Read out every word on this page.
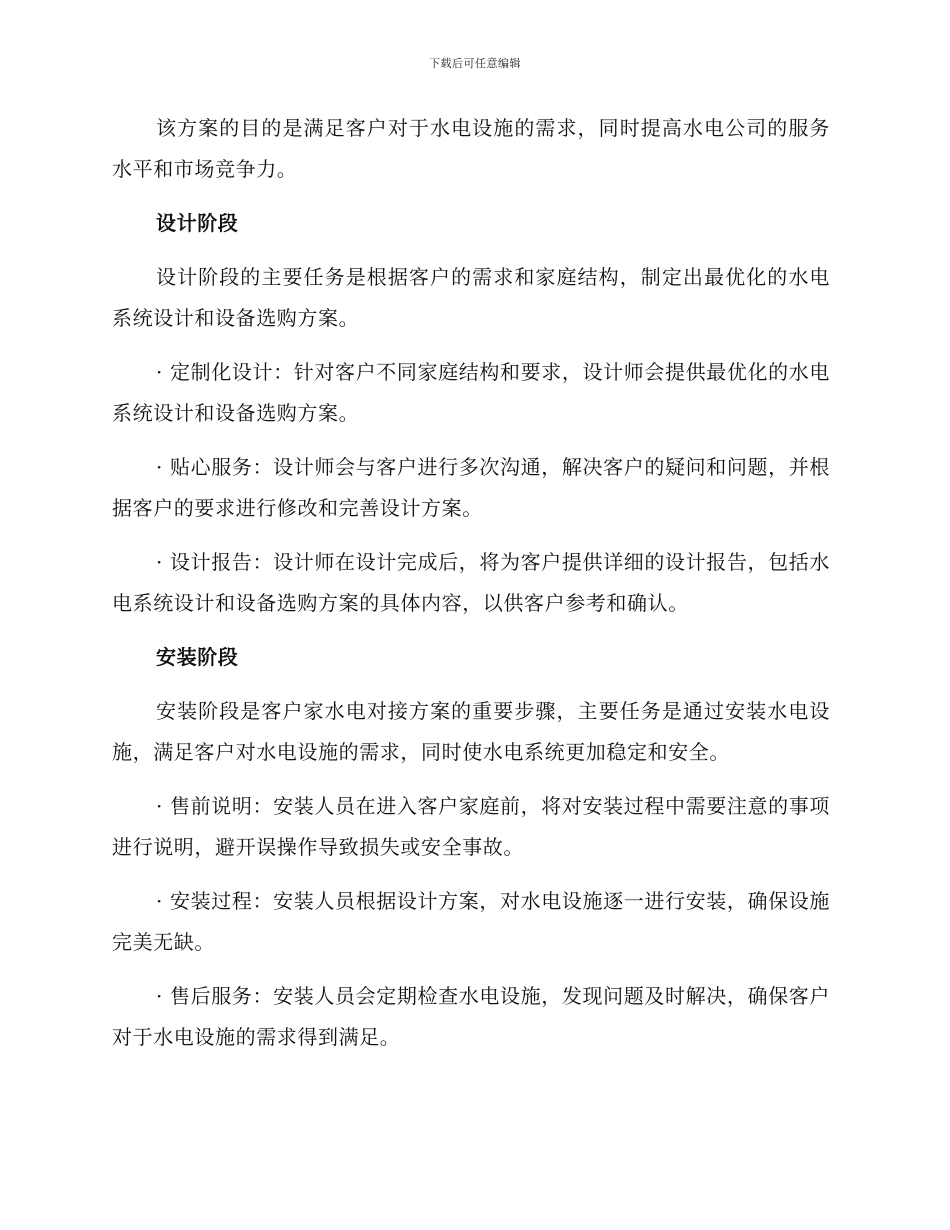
下载后可任意编辑

该方案的目的是满足客户对于水电设施的需求，同时提高水电公司的服务水平和市场竞争力。

设计阶段

设计阶段的主要任务是根据客户的需求和家庭结构，制定出最优化的水电系统设计和设备选购方案。

· 定制化设计：针对客户不同家庭结构和要求，设计师会提供最优化的水电系统设计和设备选购方案。

· 贴心服务：设计师会与客户进行多次沟通，解决客户的疑问和问题，并根据客户的要求进行修改和完善设计方案。

· 设计报告：设计师在设计完成后，将为客户提供详细的设计报告，包括水电系统设计和设备选购方案的具体内容，以供客户参考和确认。

安装阶段

安装阶段是客户家水电对接方案的重要步骤，主要任务是通过安装水电设施，满足客户对水电设施的需求，同时使水电系统更加稳定和安全。

· 售前说明：安装人员在进入客户家庭前，将对安装过程中需要注意的事项进行说明，避开误操作导致损失或安全事故。

· 安装过程：安装人员根据设计方案，对水电设施逐一进行安装，确保设施完美无缺。

· 售后服务：安装人员会定期检查水电设施，发现问题及时解决，确保客户对于水电设施的需求得到满足。
